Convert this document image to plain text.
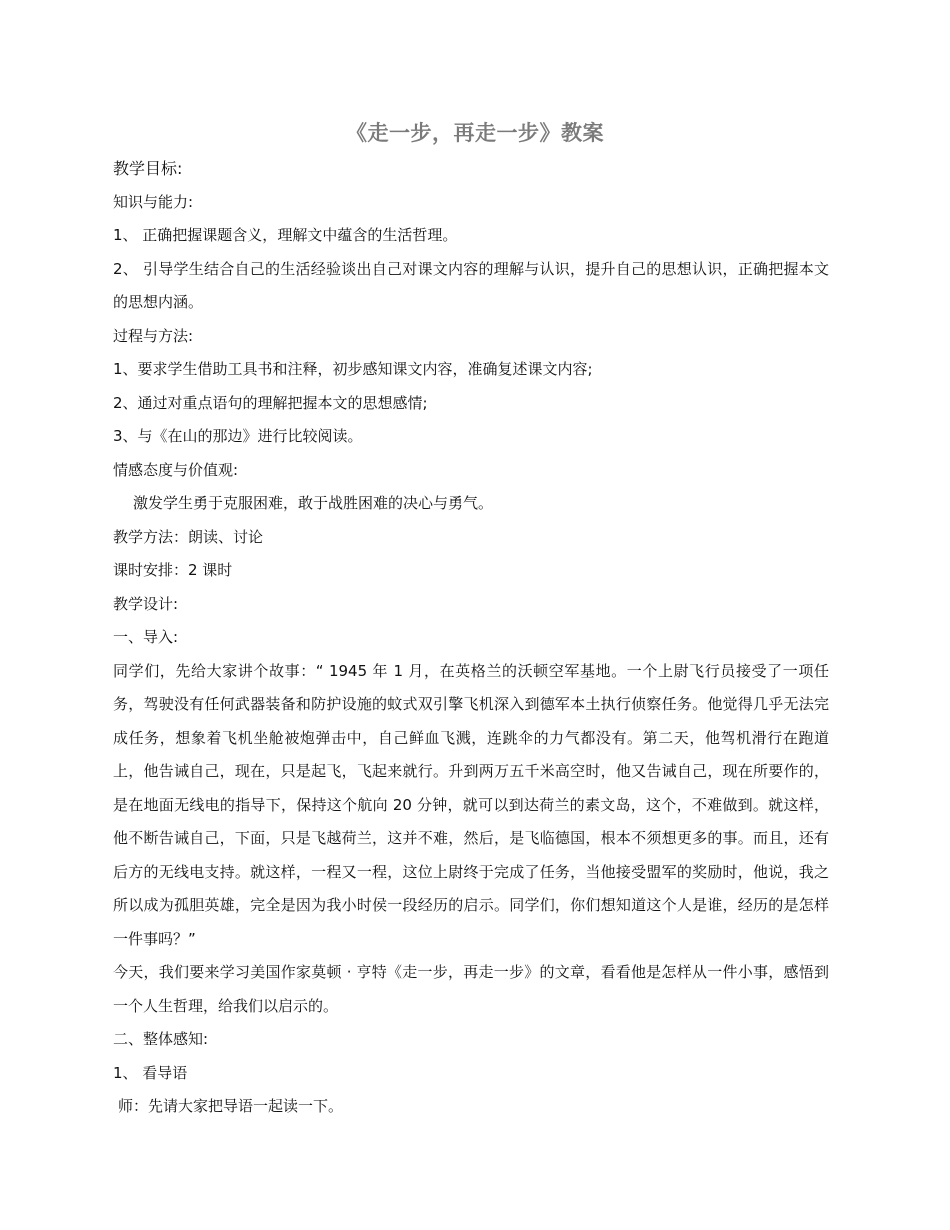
《走一步，再走一步》教案

教学目标:

知识与能力:

1、 正确把握课题含义，理解文中蕴含的生活哲理。

2、 引导学生结合自己的生活经验谈出自己对课文内容的理解与认识，提升自己的思想认识，正确把握本文的思想内涵。

过程与方法:

1、要求学生借助工具书和注释，初步感知课文内容，准确复述课文内容;

2、通过对重点语句的理解把握本文的思想感情;

3、与《在山的那边》进行比较阅读。

情感态度与价值观:

激发学生勇于克服困难，敢于战胜困难的决心与勇气。

教学方法：朗读、讨论

课时安排：2 课时

教学设计:

一、导入:

同学们，先给大家讲个故事：“ 1945 年 1 月，在英格兰的沃顿空军基地。一个上尉飞行员接受了一项任务，驾驶没有任何武器装备和防护设施的蚊式双引擎飞机深入到德军本土执行侦察任务。他觉得几乎无法完成任务，想象着飞机坐舱被炮弹击中，自己鲜血飞溅，连跳伞的力气都没有。第二天，他驾机滑行在跑道上，他告诫自己，现在，只是起飞，飞起来就行。升到两万五千米高空时，他又告诫自己，现在所要作的，是在地面无线电的指导下，保持这个航向 20 分钟，就可以到达荷兰的素文岛，这个，不难做到。就这样，他不断告诫自己，下面，只是飞越荷兰，这并不难，然后，是飞临德国，根本不须想更多的事。而且，还有后方的无线电支持。就这样，一程又一程，这位上尉终于完成了任务，当他接受盟军的奖励时，他说，我之所以成为孤胆英雄，完全是因为我小时侯一段经历的启示。同学们，你们想知道这个人是谁，经历的是怎样一件事吗？”

今天，我们要来学习美国作家莫顿 · 亨特《走一步，再走一步》的文章，看看他是怎样从一件小事，感悟到一个人生哲理，给我们以启示的。

二、整体感知:

1、 看导语

师：先请大家把导语一起读一下。
